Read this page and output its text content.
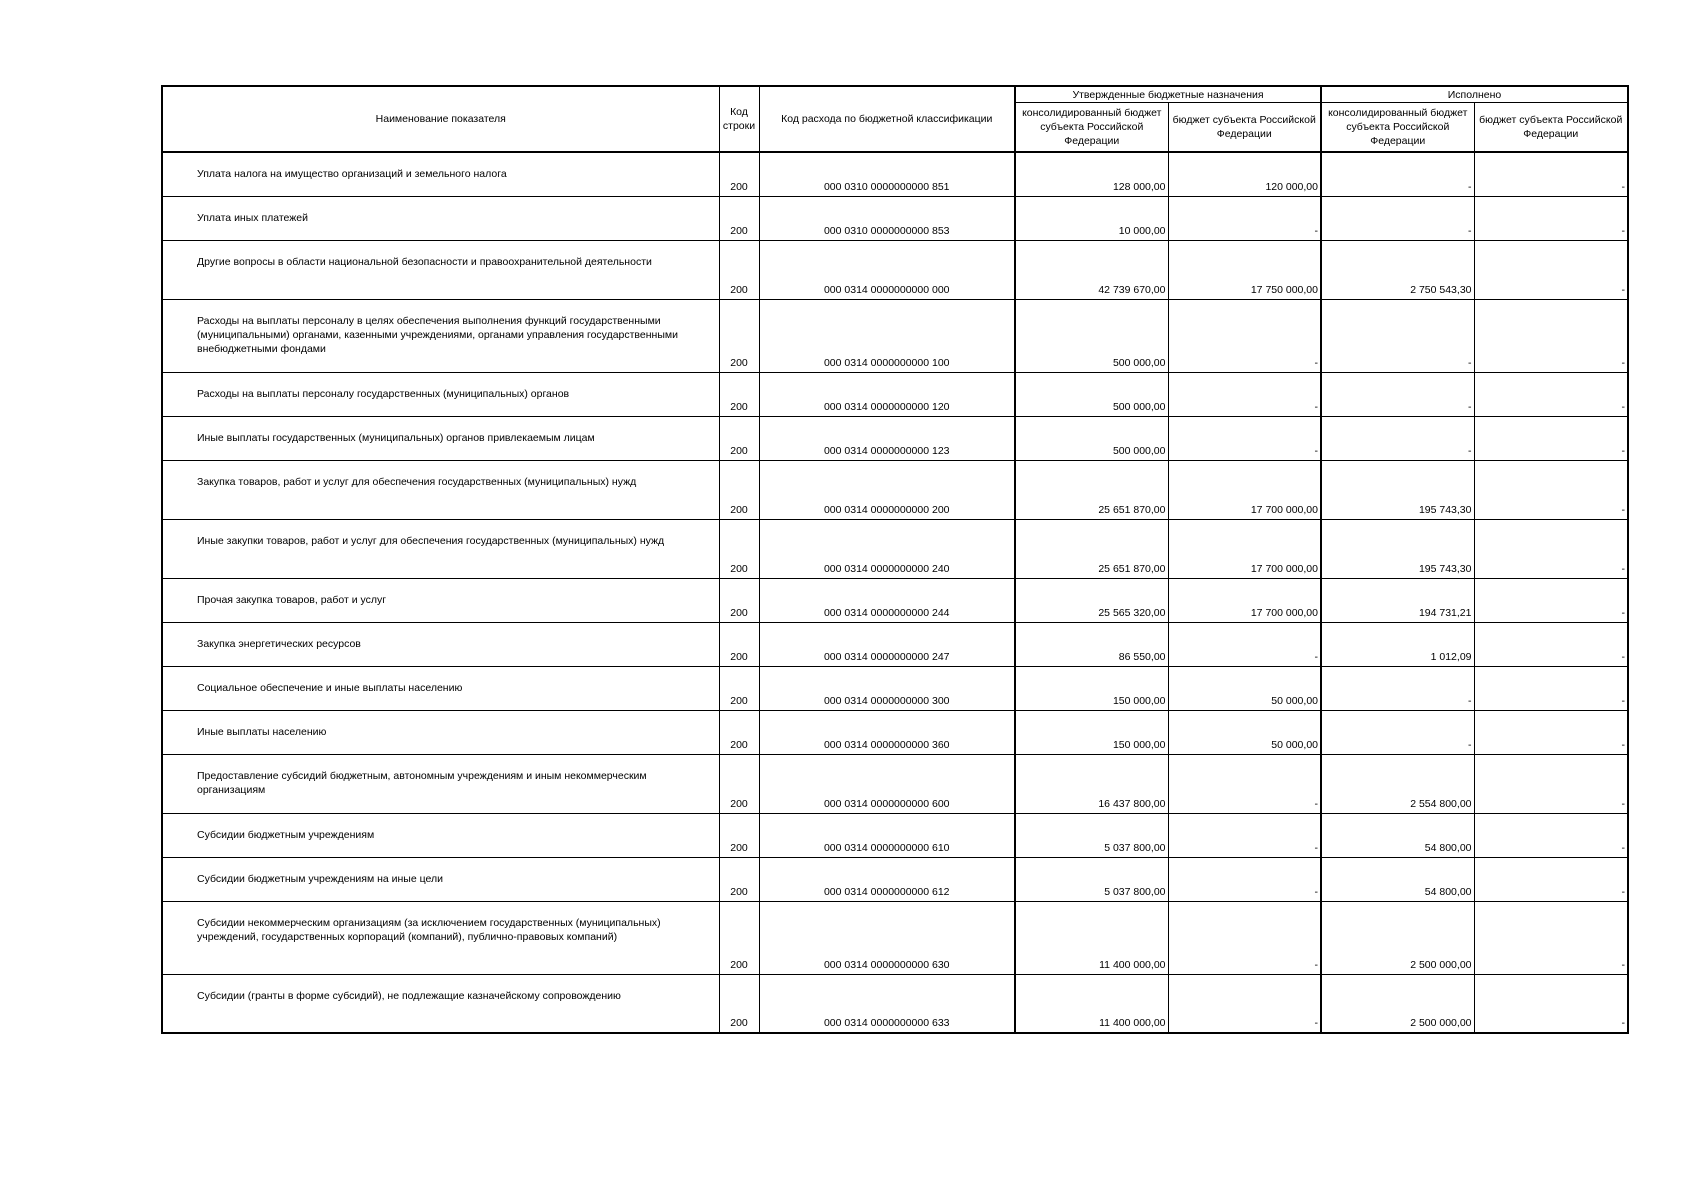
Наименование показателя	Код строки	Код расхода по бюджетной классификации	Утвержденные бюджетные назначения		Исполнено	
			консолидированный бюджет субъекта Российской Федерации	бюджет субъекта Российской Федерации	консолидированный бюджет субъекта Российской Федерации	бюджет субъекта Российской Федерации
Уплата налога на имущество организаций и земельного налога	200	000 0310 0000000000 851	128 000,00	120 000,00	-	-
Уплата иных платежей	200	000 0310 0000000000 853	10 000,00	-	-	-
Другие вопросы в области национальной безопасности и правоохранительной деятельности	200	000 0314 0000000000 000	42 739 670,00	17 750 000,00	2 750 543,30	-
Расходы на выплаты персоналу в целях обеспечения выполнения функций государственными (муниципальными) органами, казенными учреждениями, органами управления государственными внебюджетными фондами	200	000 0314 0000000000 100	500 000,00	-	-	-
Расходы на выплаты персоналу государственных (муниципальных) органов	200	000 0314 0000000000 120	500 000,00	-	-	-
Иные выплаты государственных (муниципальных) органов привлекаемым лицам	200	000 0314 0000000000 123	500 000,00	-	-	-
Закупка товаров, работ и услуг для обеспечения государственных (муниципальных) нужд	200	000 0314 0000000000 200	25 651 870,00	17 700 000,00	195 743,30	-
Иные закупки товаров, работ и услуг для обеспечения государственных (муниципальных) нужд	200	000 0314 0000000000 240	25 651 870,00	17 700 000,00	195 743,30	-
Прочая закупка товаров, работ и услуг	200	000 0314 0000000000 244	25 565 320,00	17 700 000,00	194 731,21	-
Закупка энергетических ресурсов	200	000 0314 0000000000 247	86 550,00	-	1 012,09	-
Социальное обеспечение и иные выплаты населению	200	000 0314 0000000000 300	150 000,00	50 000,00	-	-
Иные выплаты населению	200	000 0314 0000000000 360	150 000,00	50 000,00	-	-
Предоставление субсидий бюджетным, автономным учреждениям и иным некоммерческим организациям	200	000 0314 0000000000 600	16 437 800,00	-	2 554 800,00	-
Субсидии бюджетным учреждениям	200	000 0314 0000000000 610	5 037 800,00	-	54 800,00	-
Субсидии бюджетным учреждениям на иные цели	200	000 0314 0000000000 612	5 037 800,00	-	54 800,00	-
Субсидии некоммерческим организациям (за исключением государственных (муниципальных) учреждений, государственных корпораций (компаний), публично-правовых компаний)	200	000 0314 0000000000 630	11 400 000,00	-	2 500 000,00	-
Субсидии (гранты в форме субсидий), не подлежащие казначейскому сопровождению	200	000 0314 0000000000 633	11 400 000,00	-	2 500 000,00	-
